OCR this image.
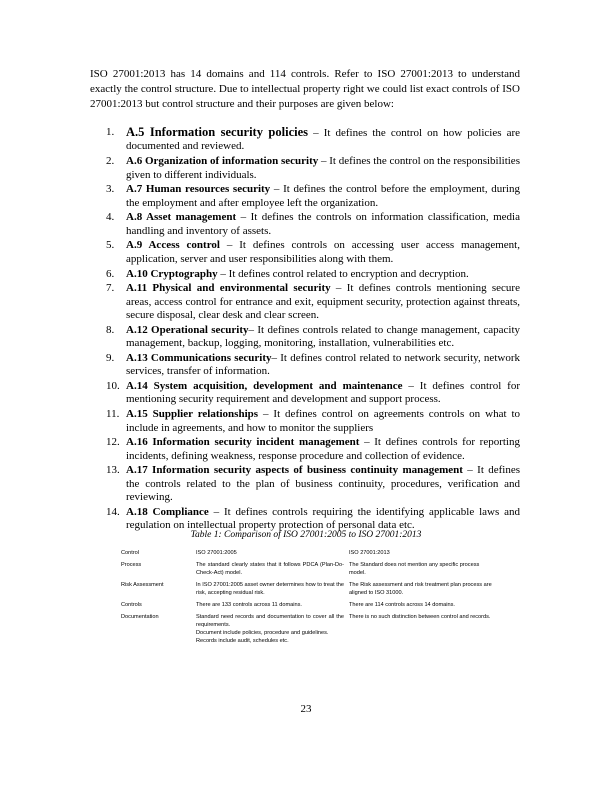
ISO 27001:2013 has 14 domains and 114 controls. Refer to ISO 27001:2013 to understand exactly the control structure. Due to intellectual property right we could list exact controls of ISO 27001:2013 but control structure and their purposes are given below:
1. A.5 Information security policies – It defines the control on how policies are documented and reviewed.
2. A.6 Organization of information security – It defines the control on the responsibilities given to different individuals.
3. A.7 Human resources security – It defines the control before the employment, during the employment and after employee left the organization.
4. A.8 Asset management – It defines the controls on information classification, media handling and inventory of assets.
5. A.9 Access control – It defines controls on accessing user access management, application, server and user responsibilities along with them.
6. A.10 Cryptography – It defines control related to encryption and decryption.
7. A.11 Physical and environmental security – It defines controls mentioning secure areas, access control for entrance and exit, equipment security, protection against threats, secure disposal, clear desk and clear screen.
8. A.12 Operational security– It defines controls related to change management, capacity management, backup, logging, monitoring, installation, vulnerabilities etc.
9. A.13 Communications security– It defines control related to network security, network services, transfer of information.
10. A.14 System acquisition, development and maintenance – It defines control for mentioning security requirement and development and support process.
11. A.15 Supplier relationships – It defines control on agreements controls on what to include in agreements, and how to monitor the suppliers
12. A.16 Information security incident management – It defines controls for reporting incidents, defining weakness, response procedure and collection of evidence.
13. A.17 Information security aspects of business continuity management – It defines the controls related to the plan of business continuity, procedures, verification and reviewing.
14. A.18 Compliance – It defines controls requiring the identifying applicable laws and regulation on intellectual property protection of personal data etc.
Table 1: Comparison of ISO 27001:2005 to ISO 27001:2013
Control	ISO 27001:2005	ISO 27001:2013
Process	The standard clearly states that it follows PDCA (Plan-Do-Check-Act) model.	The Standard does not mention any specific process model.
Risk Assessment	In ISO 27001:2005 asset owner determines how to treat the risk, accepting residual risk.	The Risk assessment and risk treatment plan process are aligned to ISO 31000.
Controls	There are 133 controls across 11 domains.	There are 114 controls across 14 domains.
Documentation	Standard need records and documentation to cover all the requirements.
Document include policies, procedure and guidelines.
Records include audit, schedules etc.	There is no such distinction between control and records.
23
